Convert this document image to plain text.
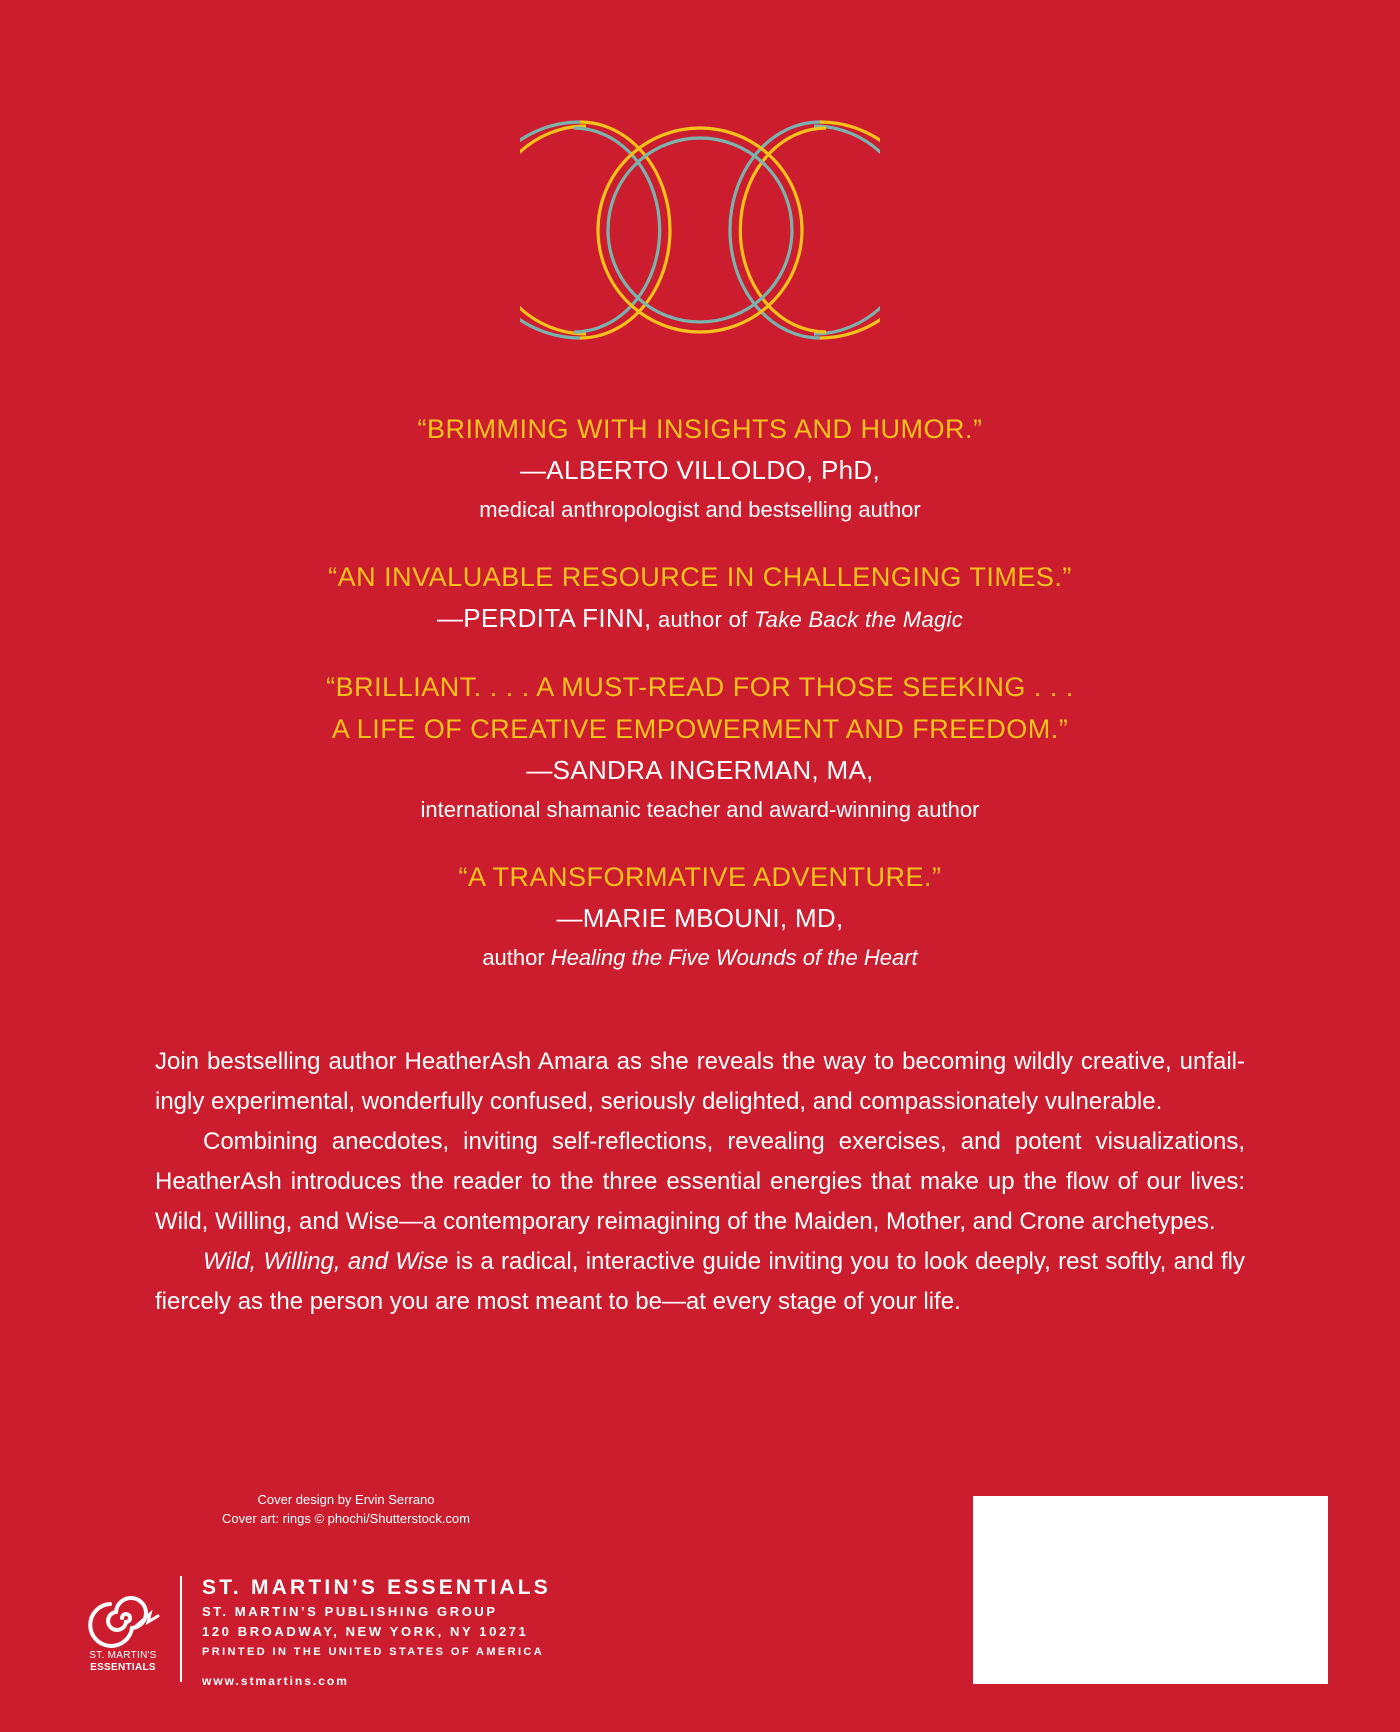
“BRIMMING WITH INSIGHTS AND HUMOR.”
—ALBERTO VILLOLDO, PhD,
medical anthropologist and bestselling author
“AN INVALUABLE RESOURCE IN CHALLENGING TIMES.”
—PERDITA FINN, author of Take Back the Magic
“BRILLIANT. . . . A MUST-READ FOR THOSE SEEKING . . .
A LIFE OF CREATIVE EMPOWERMENT AND FREEDOM.”
—SANDRA INGERMAN, MA,
international shamanic teacher and award-winning author
“A TRANSFORMATIVE ADVENTURE.”
—MARIE MBOUNI, MD,
author Healing the Five Wounds of the Heart

Join bestselling author HeatherAsh Amara as she reveals the way to becoming wildly creative, unfail-
ingly experimental, wonderfully confused, seriously delighted, and compassionately vulnerable.

Combining anecdotes, inviting self-reflections, revealing exercises, and potent visualizations,
HeatherAsh introduces the reader to the three essential energies that make up the flow of our lives:
Wild, Willing, and Wise—a contemporary reimagining of the Maiden, Mother, and Crone archetypes.

Wild, Willing, and Wise is a radical, interactive guide inviting you to look deeply, rest softly, and fly
fiercely as the person you are most meant to be—at every stage of your life.

Cover design by Ervin Serrano
Cover art: rings © phochi/Shutterstock.com
ST. MARTIN'S
ESSENTIALS
ST. MARTIN’S ESSENTIALS
ST. MARTIN’S PUBLISHING GROUP
120 BROADWAY, NEW YORK, NY 10271
PRINTED IN THE UNITED STATES OF AMERICA
www.stmartins.com
